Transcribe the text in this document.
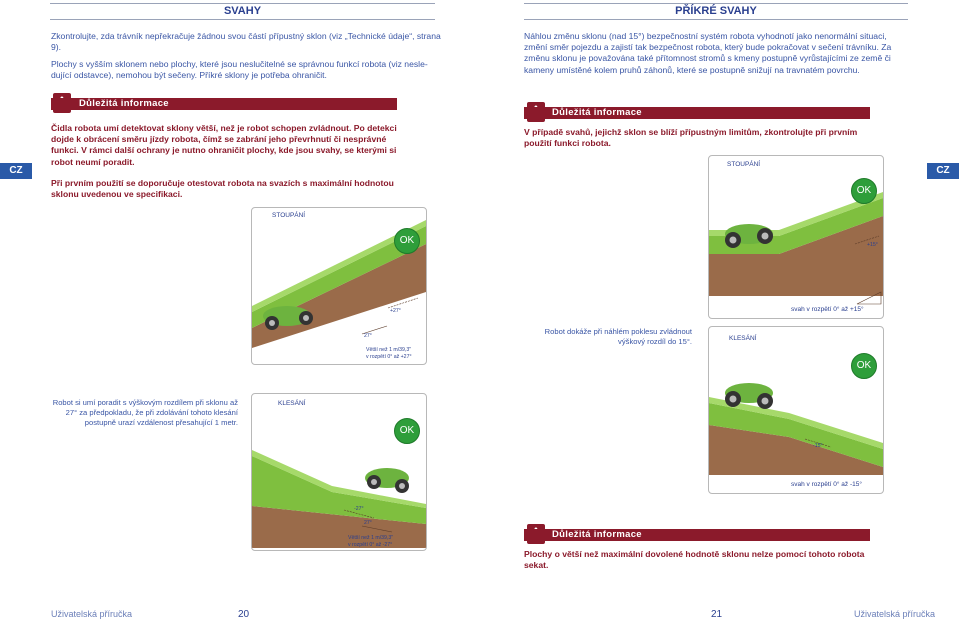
SVAHY
Zkontrolujte, zda trávník nepřekračuje žádnou svou částí přípustný sklon (viz „Technické údaje“, strana 9).
Plochy s vyšším sklonem nebo plochy, které jsou neslučitelné se správnou funkcí robota (viz nesle-dující odstavce), nemohou být sečeny. Příkré sklony je potřeba ohraničit.
Důležitá informace
Čidla robota umí detektovat sklony větší, než je robot schopen zvládnout. Po detekci dojde k obrácení směru jízdy robota, čímž se zabrání jeho převrhnutí či nesprávné funkci. V rámci další ochrany je nutno ohraničit plochy, kde jsou svahy, se kterými si robot neumí poradit.
Při prvním použití se doporučuje otestovat robota na svazích s maximální hodnotou sklonu uvedenou ve specifikaci.
CZ
STOUPÁNÍ
OK
+27°
27°
Větší než 1 m/39,3"
v rozpětí 0° až +27°
Robot si umí poradit s výškovým rozdílem při sklonu až 27° za předpokladu, že při zdolávání tohoto klesání postupně urazí vzdálenost přesahující 1 metr.
KLESÁNÍ
OK
-27°
27°
Větší než 1 m/39,3"
v rozpětí 0° až -27°
Uživatelská příručka	20
PŘÍKRÉ SVAHY
Náhlou změnu sklonu (nad 15°) bezpečnostní systém robota vyhodnotí jako nenormální situaci, změní směr pojezdu a zajistí tak bezpečnost robota, který bude pokračovat v sečení trávníku. Za změnu sklonu je považována také přítomnost stromů s kmeny postupně vyrůstajícími ze země či kameny umístěné kolem pruhů záhonů, které se postupně snižují na travnatém povrchu.
Důležitá informace
V případě svahů, jejichž sklon se blíží přípustným limitům, zkontrolujte při prvním použití funkci robota.
CZ
STOUPÁNÍ
OK
+15°
svah v rozpětí 0° až +15°
Robot dokáže při náhlém poklesu zvládnout výškový rozdíl do 15°.	KLESÁNÍ
OK
-15°
svah v rozpětí 0° až -15°
Důležitá informace
Plochy o větší než maximální dovolené hodnotě sklonu nelze pomocí tohoto robota sekat.
21	Uživatelská příručka
